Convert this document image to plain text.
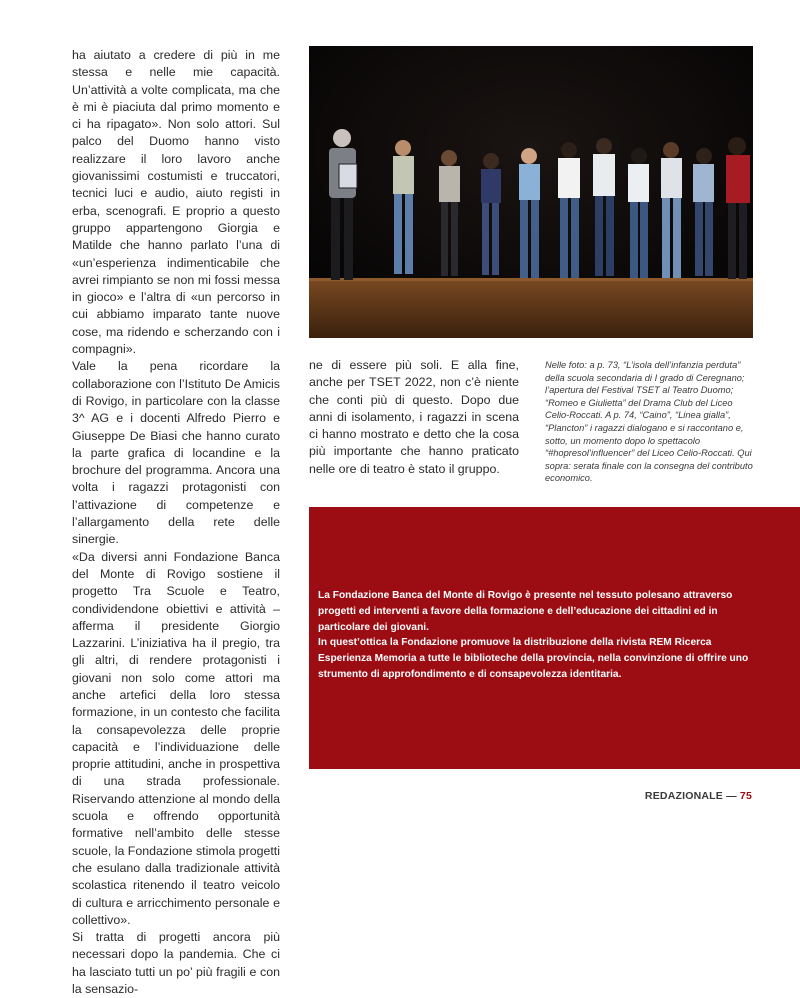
ha aiutato a credere di più in me stessa e nelle mie capacità. Un’attività a volte complicata, ma che è mi è piaciuta dal primo momento e ci ha ripagato». Non solo attori. Sul palco del Duomo hanno visto realizzare il loro lavoro anche giovanissimi costumisti e truccatori, tecnici luci e audio, aiuto registi in erba, scenografi. E proprio a questo gruppo appartengono Giorgia e Matilde che hanno parlato l’una di «un’esperienza indimenticabile che avrei rimpianto se non mi fossi messa in gioco» e l’altra di «un percorso in cui abbiamo imparato tante nuove cose, ma ridendo e scherzando con i compagni».

Vale la pena ricordare la collaborazione con l’Istituto De Amicis di Rovigo, in particolare con la classe 3^ AG e i docenti Alfredo Pierro e Giuseppe De Biasi che hanno curato la parte grafica di locandine e la brochure del programma. Ancora una volta i ragazzi protagonisti con l’attivazione di competenze e l’allargamento della rete delle sinergie.

«Da diversi anni Fondazione Banca del Monte di Rovigo sostiene il progetto Tra Scuole e Teatro, condividendone obiettivi e attività – afferma il presidente Giorgio Lazzarini. L’iniziativa ha il pregio, tra gli altri, di rendere protagonisti i giovani non solo come attori ma anche artefici della loro stessa formazione, in un contesto che facilita la consapevolezza delle proprie capacità e l’individuazione delle proprie attitudini, anche in prospettiva di una strada professionale. Riservando attenzione al mondo della scuola e offrendo opportunità formative nell’ambito delle stesse scuole, la Fondazione stimola progetti che esulano dalla tradizionale attività scolastica ritenendo il teatro veicolo di cultura e arricchimento personale e collettivo».

Si tratta di progetti ancora più necessari dopo la pandemia. Che ci ha lasciato tutti un po’ più fragili e con la sensazio-

ne di essere più soli. E alla fine, anche per TSET 2022, non c’è niente che conti più di questo. Dopo due anni di isolamento, i ragazzi in scena ci hanno mostrato e detto che la cosa più importante che hanno praticato nelle ore di teatro è stato il gruppo.

Nelle foto: a p. 73, “L’isola dell’infanzia perduta” della scuola secondaria di I grado di Ceregnano; l’apertura del Festival TSET al Teatro Duomo; “Romeo e Giulietta” del Drama Club del Liceo Celio-Roccati. A p. 74, “Caino”, “Linea gialla”, “Plancton” i ragazzi dialogano e si raccontano e, sotto, un momento dopo lo spettacolo “#hopresol’influencer” del Liceo Celio-Roccati. Qui sopra: serata finale con la consegna del contributo economico.

La Fondazione Banca del Monte di Rovigo è presente nel tessuto polesano attraverso progetti ed interventi a favore della formazione e dell’educazione dei cittadini ed in particolare dei giovani.

In quest’ottica la Fondazione promuove la distribuzione della rivista REM Ricerca Esperienza Memoria a tutte le biblioteche della provincia, nella convinzione di offrire uno strumento di approfondimento e di consapevolezza identitaria.

REDAZIONALE — 75
